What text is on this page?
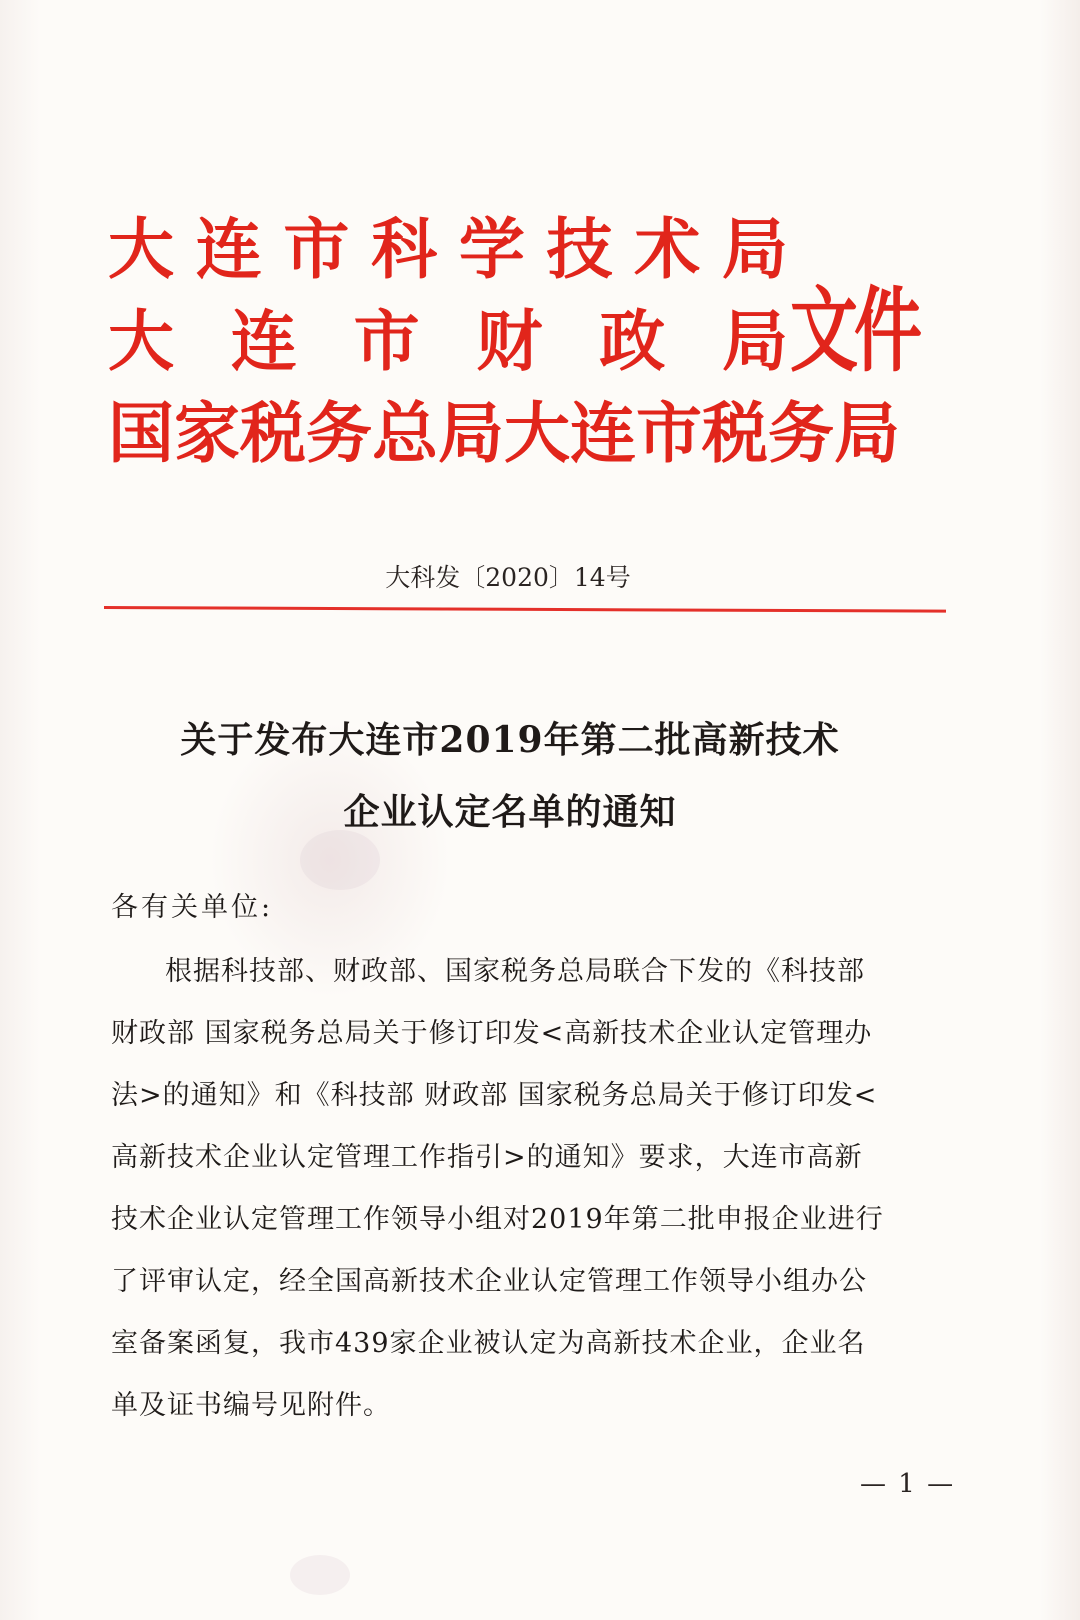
大 连 市 科 学 技 术 局
大 连 市 财 政 局
国 家 税 务 总 局 大 连 市 税 务 局
文件
大科发〔2020〕14号
关于发布大连市2019年第二批高新技术
企业认定名单的通知
各有关单位:
根据科技部、财政部、国家税务总局联合下发的《科技部
财政部 国家税务总局关于修订印发<高新技术企业认定管理办
法>的通知》和《科技部 财政部 国家税务总局关于修订印发<
高新技术企业认定管理工作指引>的通知》要求，大连市高新
技术企业认定管理工作领导小组对2019年第二批申报企业进行
了评审认定，经全国高新技术企业认定管理工作领导小组办公
室备案函复，我市439家企业被认定为高新技术企业，企业名
单及证书编号见附件。
— 1 —
